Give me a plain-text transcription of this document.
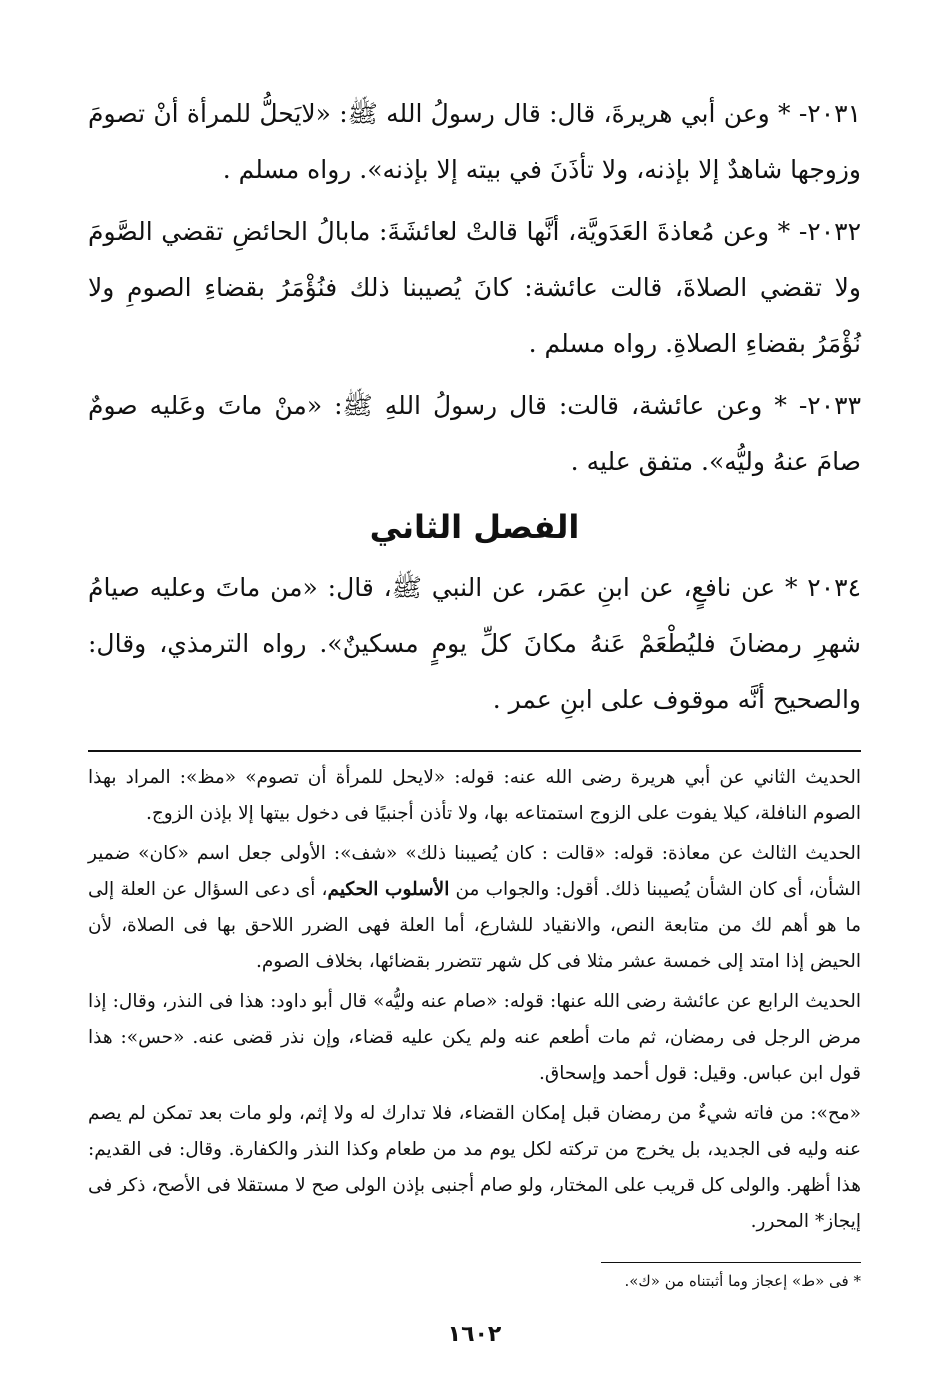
٢٠٣١- * وعن أبي هريرةَ، قال: قال رسولُ الله ﷺ: «لايَحلُّ للمرأة أنْ تصومَ وزوجها شاهدٌ إلا بإذنه، ولا تأذَنَ في بيته إلا بإذنه». رواه مسلم .

٢٠٣٢- * وعن مُعاذةَ العَدَويَّة، أنَّها قالتْ لعائشَةَ: مابالُ الحائضِ تقضي الصَّومَ ولا تقضي الصلاةَ، قالت عائشة: كانَ يُصيبنا ذلك فنُؤْمَرُ بقضاءِ الصومِ ولا نُؤْمَرُ بقضاءِ الصلاةِ. رواه مسلم .

٢٠٣٣- * وعن عائشة، قالت: قال رسولُ اللهِ ﷺ: «منْ ماتَ وعَليه صومٌ صامَ عنهُ وليُّه». متفق عليه .

الفصل الثاني

٢٠٣٤ * عن نافعٍ، عن ابنِ عمَر، عن النبي ﷺ، قال: «من ماتَ وعليه صيامُ شهرِ رمضانَ فليُطْعَمْ عَنهُ مكانَ كلِّ يومٍ مسكينٌ». رواه الترمذي، وقال: والصحيح أنَّه موقوف على ابنِ عمر .

الحديث الثاني عن أبي هريرة رضى الله عنه: قوله: «لايحل للمرأة أن تصوم» «مظ»: المراد بهذا الصوم النافلة، كيلا يفوت على الزوج استمتاعه بها، ولا تأذن أجنبيًا فى دخول بيتها إلا بإذن الزوج.

الحديث الثالث عن معاذة: قوله: «قالت : كان يُصيبنا ذلك» «شف»: الأولى جعل اسم «كان» ضمير الشأن، أى كان الشأن يُصيبنا ذلك. أقول: والجواب من الأسلوب الحكيم، أى دعى السؤال عن العلة إلى ما هو أهم لك من متابعة النص، والانقياد للشارع، أما العلة فهى الضرر اللاحق بها فى الصلاة، لأن الحيض إذا امتد إلى خمسة عشر مثلا فى كل شهر تتضرر بقضائها، بخلاف الصوم.

الحديث الرابع عن عائشة رضى الله عنها: قوله: «صام عنه وليُّه» قال أبو داود: هذا فى النذر، وقال: إذا مرض الرجل فى رمضان، ثم مات أطعم عنه ولم يكن عليه قضاء، وإن نذر قضى عنه. «حس»: هذا قول ابن عباس. وقيل: قول أحمد وإسحاق.

«مح»: من فاته شيءٌ من رمضان قبل إمكان القضاء، فلا تدارك له ولا إثم، ولو مات بعد تمكن لم يصم عنه وليه فى الجديد، بل يخرج من تركته لكل يوم مد من طعام وكذا النذر والكفارة. وقال: فى القديم: هذا أظهر. والولى كل قريب على المختار، ولو صام أجنبى بإذن الولى صح لا مستقلا فى الأصح، ذكر فى إيجاز* المحرر.

* فى «ط» إعجاز وما أثبتناه من «ك».
١٦٠٢
